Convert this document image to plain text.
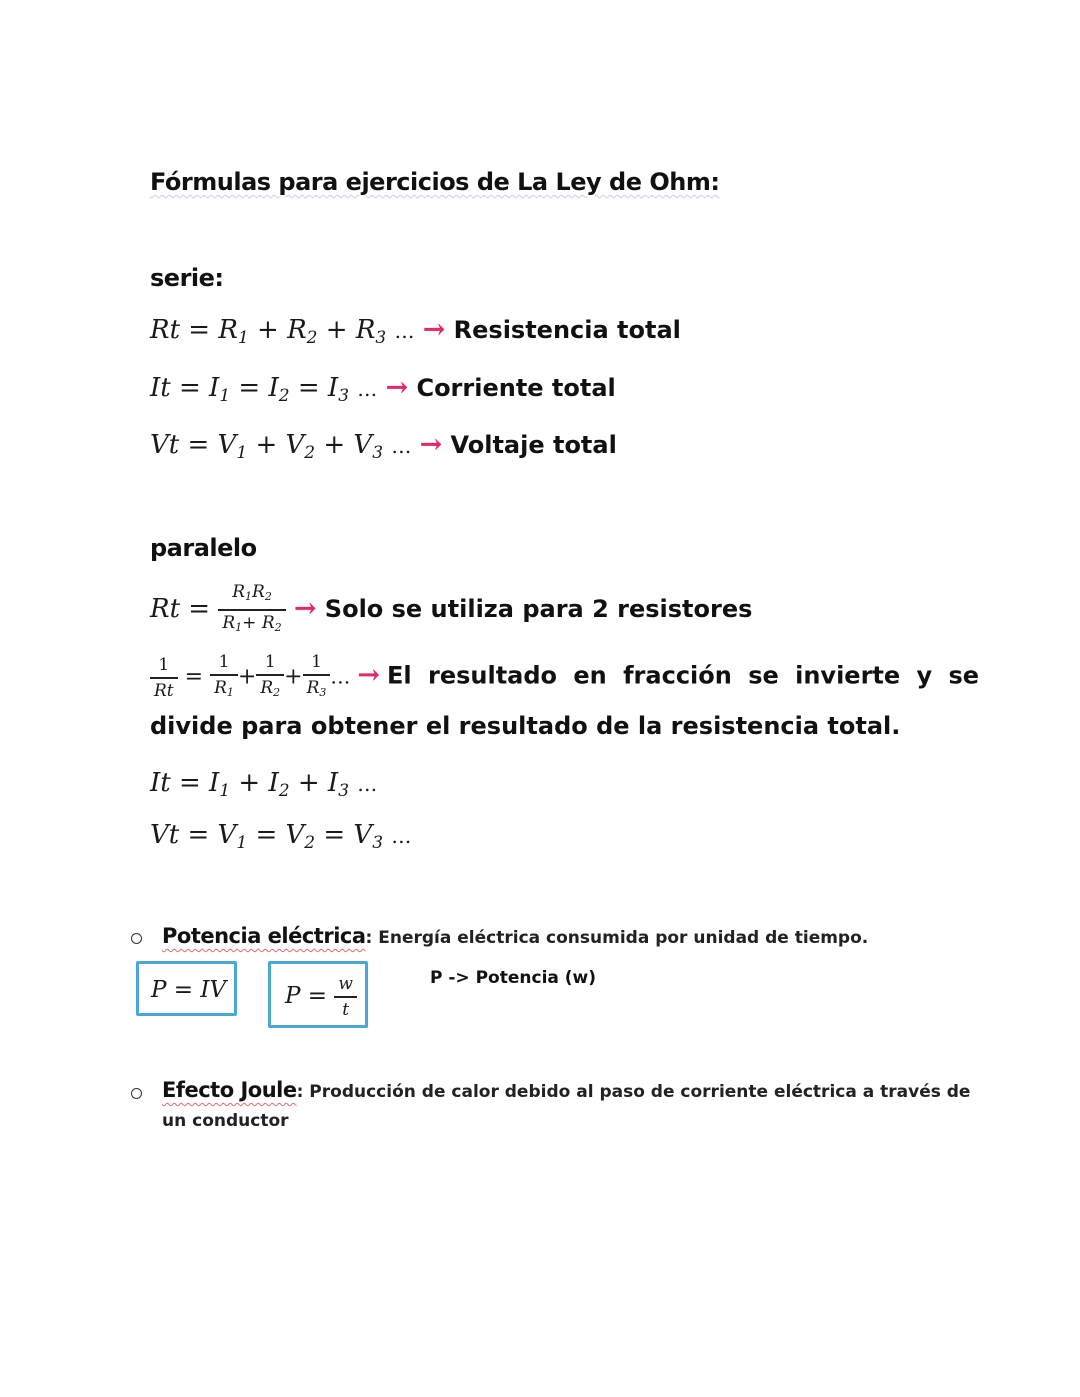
Fórmulas para ejercicios de La Ley de Ohm:
serie:
$Rt = R_1 + R_2 + R_3$ … → Resistencia total
$It = I_1 = I_2 = I_3$ … → Corriente total
$Vt = V_1 + V_2 + V_3$ … → Voltaje total
paralelo
$Rt = \frac{R_1R_2}{R_1+ R_2}$ → Solo se utiliza para 2 resistores
$\frac{1}{Rt} = \frac{1}{R_1} + \frac{1}{R_2} + \frac{1}{R_3}$ … → El resultado en fracción se invierte y se
divide para obtener el resultado de la resistencia total.
$It = I_1 + I_2 + I_3$ …
$Vt = V_1 = V_2 = V_3$ …
Potencia eléctrica: Energía eléctrica consumida por unidad de tiempo.
P = IV	$P = \frac{w}{t}$	P -> Potencia (w)
Efecto Joule: Producción de calor debido al paso de corriente eléctrica a través de
un conductor
